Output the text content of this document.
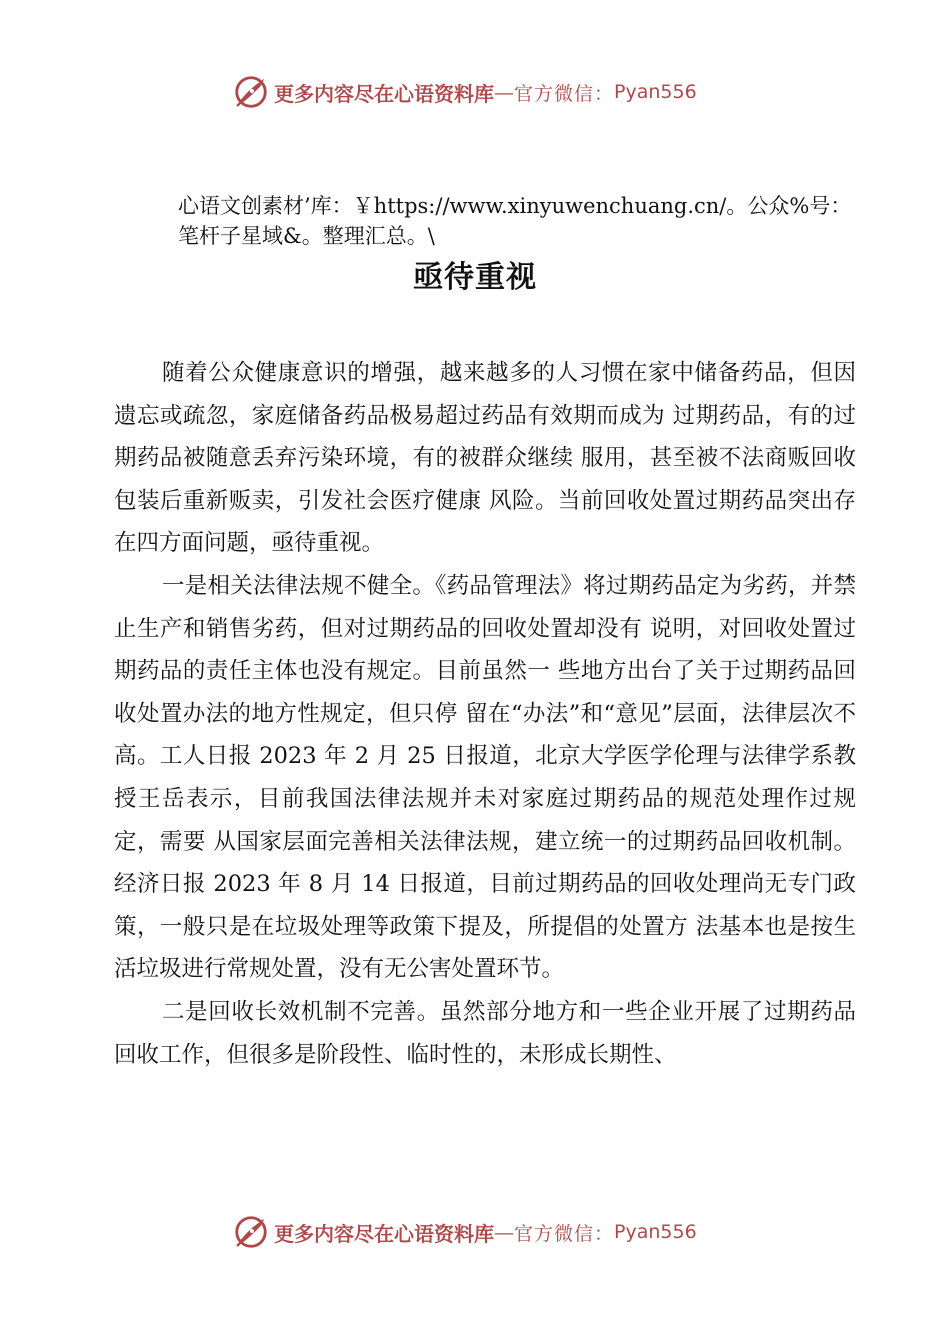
更多内容尽在心语资料库 — 官方微信： Pyan556
心语文创素材’库：￥https://www.xinyuwenchuang.cn/。公众%号：笔杆子星域&。整理汇总。\
亟待重视

随着公众健康意识的增强，越来越多的人习惯在家中储备药品，但因遗忘或疏忽，家庭储备药品极易超过药品有效期而成为 过期药品，有的过期药品被随意丢弃污染环境，有的被群众继续 服用，甚至被不法商贩回收包装后重新贩卖，引发社会医疗健康 风险。当前回收处置过期药品突出存在四方面问题，亟待重视。

一是相关法律法规不健全。《药品管理法》将过期药品定为劣药，并禁止生产和销售劣药，但对过期药品的回收处置却没有 说明，对回收处置过期药品的责任主体也没有规定。目前虽然一 些地方出台了关于过期药品回收处置办法的地方性规定，但只停 留在“办法”和“意见”层面，法律层次不高。工人日报 2023 年 2 月 25 日报道，北京大学医学伦理与法律学系教授王岳表示，目前我国法律法规并未对家庭过期药品的规范处理作过规定，需要 从国家层面完善相关法律法规，建立统一的过期药品回收机制。 经济日报 2023 年 8 月 14 日报道，目前过期药品的回收处理尚无专门政策，一般只是在垃圾处理等政策下提及，所提倡的处置方 法基本也是按生活垃圾进行常规处置，没有无公害处置环节。

二是回收长效机制不完善。虽然部分地方和一些企业开展了过期药品回收工作，但很多是阶段性、临时性的，未形成长期性、

更多内容尽在心语资料库 — 官方微信： Pyan556
